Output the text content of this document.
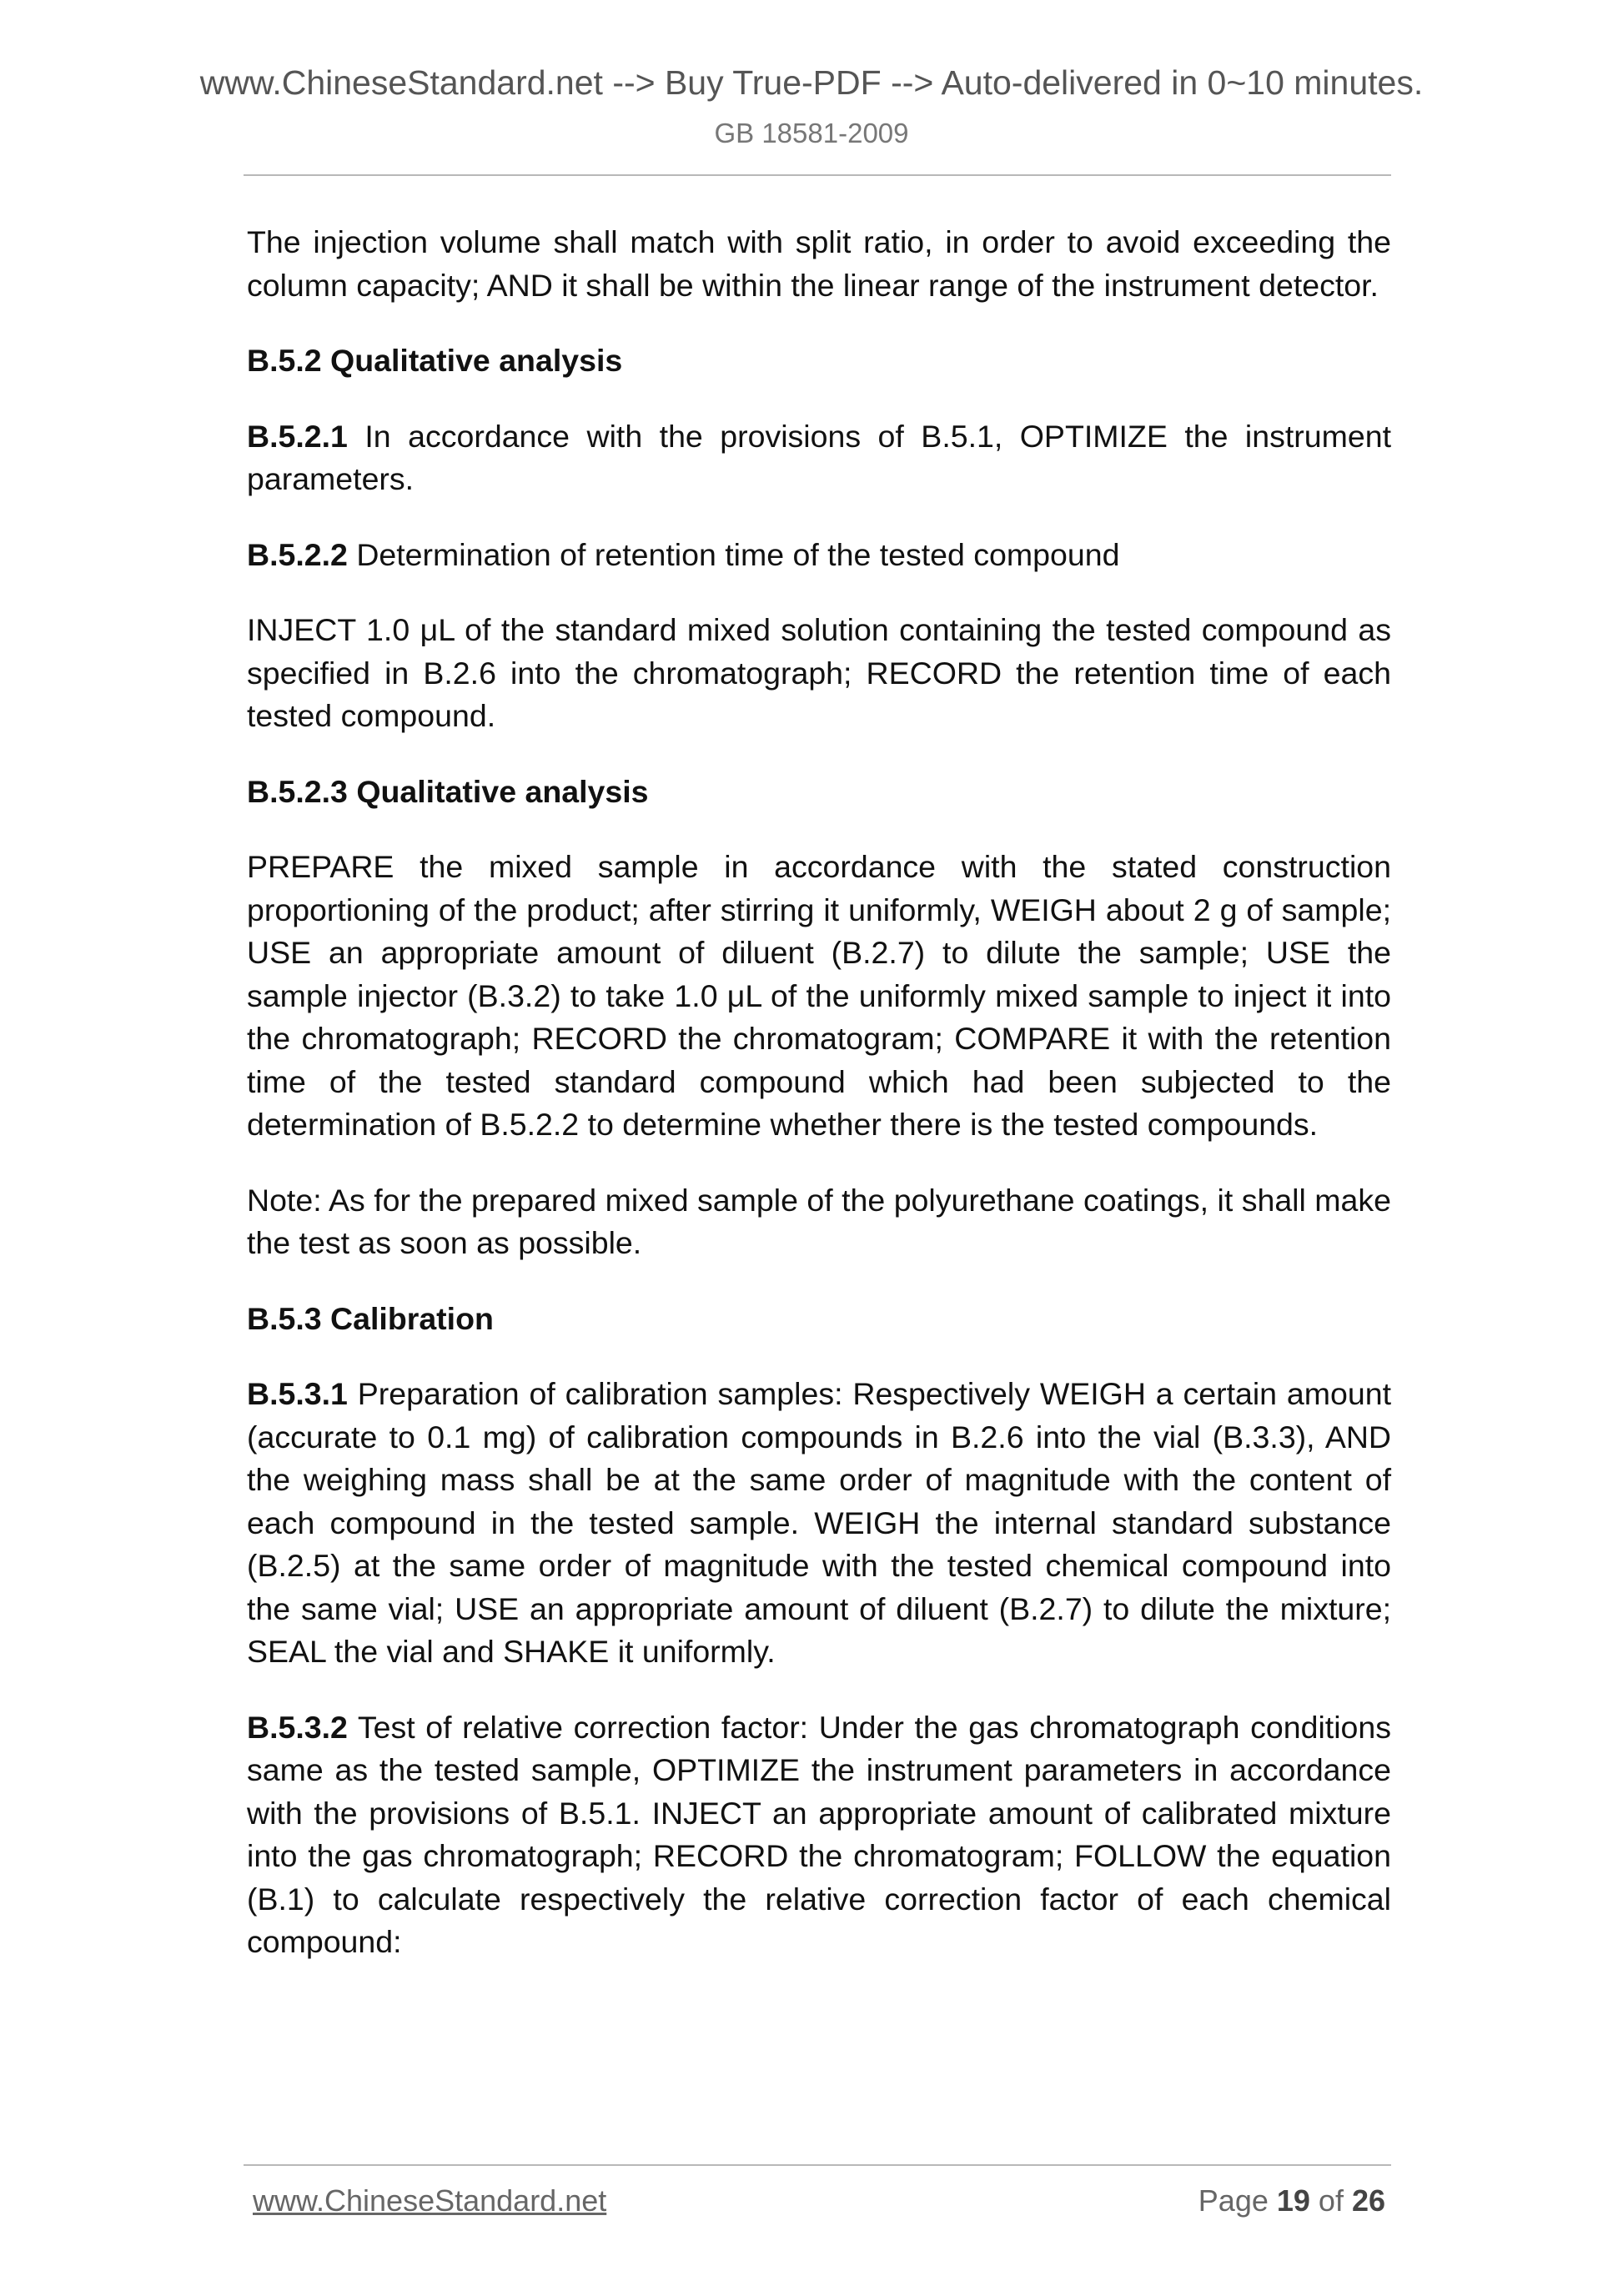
www.ChineseStandard.net --> Buy True-PDF --> Auto-delivered in 0~10 minutes.
GB 18581-2009

The injection volume shall match with split ratio, in order to avoid exceeding the column capacity; AND it shall be within the linear range of the instrument detector.

B.5.2 Qualitative analysis

B.5.2.1 In accordance with the provisions of B.5.1, OPTIMIZE the instrument parameters.

B.5.2.2 Determination of retention time of the tested compound

INJECT 1.0 μL of the standard mixed solution containing the tested compound as specified in B.2.6 into the chromatograph; RECORD the retention time of each tested compound.

B.5.2.3 Qualitative analysis

PREPARE the mixed sample in accordance with the stated construction proportioning of the product; after stirring it uniformly, WEIGH about 2 g of sample; USE an appropriate amount of diluent (B.2.7) to dilute the sample; USE the sample injector (B.3.2) to take 1.0 μL of the uniformly mixed sample to inject it into the chromatograph; RECORD the chromatogram; COMPARE it with the retention time of the tested standard compound which had been subjected to the determination of B.5.2.2 to determine whether there is the tested compounds.

Note: As for the prepared mixed sample of the polyurethane coatings, it shall make the test as soon as possible.

B.5.3 Calibration

B.5.3.1 Preparation of calibration samples: Respectively WEIGH a certain amount (accurate to 0.1 mg) of calibration compounds in B.2.6 into the vial (B.3.3), AND the weighing mass shall be at the same order of magnitude with the content of each compound in the tested sample. WEIGH the internal standard substance (B.2.5) at the same order of magnitude with the tested chemical compound into the same vial; USE an appropriate amount of diluent (B.2.7) to dilute the mixture; SEAL the vial and SHAKE it uniformly.

B.5.3.2 Test of relative correction factor: Under the gas chromatograph conditions same as the tested sample, OPTIMIZE the instrument parameters in accordance with the provisions of B.5.1. INJECT an appropriate amount of calibrated mixture into the gas chromatograph; RECORD the chromatogram; FOLLOW the equation (B.1) to calculate respectively the relative correction factor of each chemical compound:

www.ChineseStandard.net	Page 19 of 26
